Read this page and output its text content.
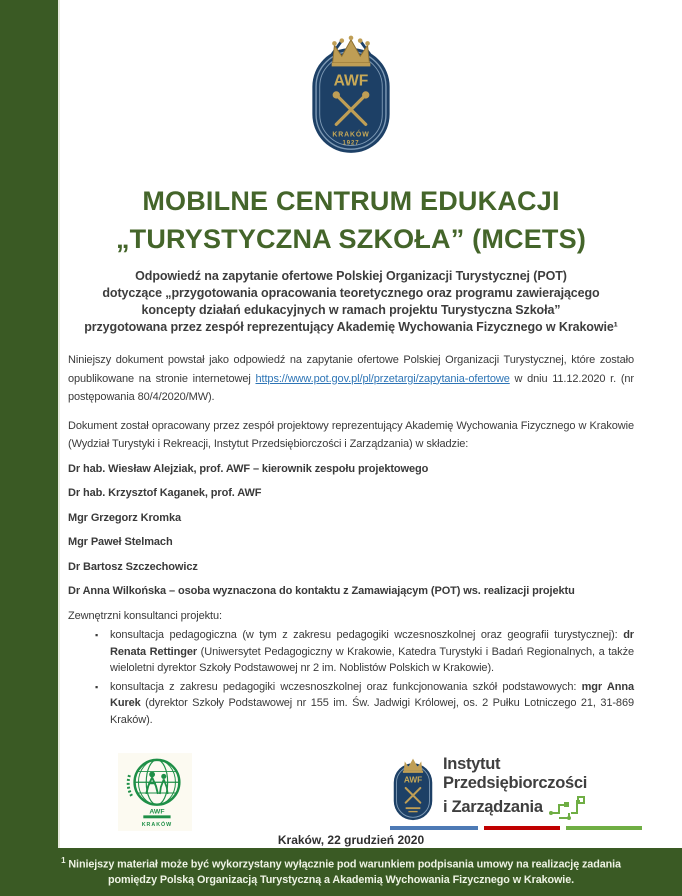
AWF
KRAKÓW
1927
MOBILNE CENTRUM EDUKACJI
„TURYSTYCZNA SZKOŁA” (MCETS)
Odpowiedź na zapytanie ofertowe Polskiej Organizacji Turystycznej (POT)
dotyczące „przygotowania opracowania teoretycznego oraz programu zawierającego
koncepty działań edukacyjnych w ramach projektu Turystyczna Szkoła”
przygotowana przez zespół reprezentujący Akademię Wychowania Fizycznego w Krakowie¹

Niniejszy dokument powstał jako odpowiedź na zapytanie ofertowe Polskiej Organizacji Turystycznej, które zostało opublikowane na stronie internetowej https://www.pot.gov.pl/pl/przetargi/zapytania-ofertowe w dniu 11.12.2020 r. (nr postępowania 80/4/2020/MW).

Dokument został opracowany przez zespół projektowy reprezentujący Akademię Wychowania Fizycznego w Krakowie (Wydział Turystyki i Rekreacji, Instytut Przedsiębiorczości i Zarządzania) w składzie:

Dr hab. Wiesław Alejziak, prof. AWF – kierownik zespołu projektowego
Dr hab. Krzysztof Kaganek, prof. AWF
Mgr Grzegorz Kromka
Mgr Paweł Stelmach
Dr Bartosz Szczechowicz
Dr Anna Wilkońska – osoba wyznaczona do kontaktu z Zamawiającym (POT) ws. realizacji projektu

Zewnętrzni konsultanci projektu:

▪ konsultacja pedagogiczna (w tym z zakresu pedagogiki wczesnoszkolnej oraz geografii turystycznej): dr Renata Rettinger (Uniwersytet Pedagogiczny w Krakowie, Katedra Turystyki i Badań Regionalnych, a także wieloletni dyrektor Szkoły Podstawowej nr 2 im. Noblistów Polskich w Krakowie).
▪ konsultacja z zakresu pedagogiki wczesnoszkolnej oraz funkcjonowania szkół podstawowych: mgr Anna Kurek (dyrektor Szkoły Podstawowej nr 155 im. Św. Jadwigi Królowej, os. 2 Pułku Lotniczego 21, 31-869 Kraków).
AWF
KRAKÓW
AWF
Instytut
Przedsiębiorczości
i Zarządzania
Kraków, 22 grudzień 2020
$^1$ Niniejszy materiał może być wykorzystany wyłącznie pod warunkiem podpisania umowy na realizację zadania pomiędzy Polską Organizacją Turystyczną a Akademią Wychowania Fizycznego w Krakowie.
